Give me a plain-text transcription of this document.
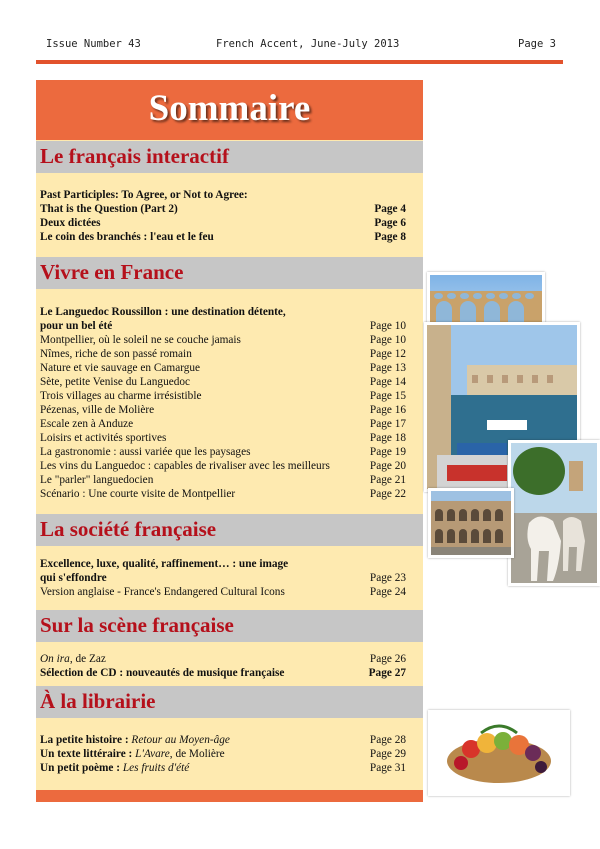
Issue Number 43	French Accent, June-July 2013	Page 3
Sommaire
Le français interactif
Past Participles: To Agree, or Not to Agree:
That is the Question (Part 2)	Page 4
Deux dictées	Page 6
Le coin des branchés : l'eau et le feu	Page 8
Vivre en France
Le Languedoc Roussillon : une destination détente,
pour un bel été	Page 10
Montpellier, où le soleil ne se couche jamais	Page 10
Nîmes, riche de son passé romain	Page 12
Nature et vie sauvage en Camargue	Page 13
Sète, petite Venise du Languedoc	Page 14
Trois villages au charme irrésistible	Page 15
Pézenas, ville de Molière	Page 16
Escale zen à Anduze	Page 17
Loisirs et activités sportives	Page 18
La gastronomie : aussi variée que les paysages	Page 19
Les vins du Languedoc : capables de rivaliser avec les meilleurs	Page 20
Le "parler" languedocien	Page 21
Scénario : Une courte visite de Montpellier	Page 22
La société française
Excellence, luxe, qualité, raffinement… : une image
qui s'effondre	Page 23
Version anglaise - France's Endangered Cultural Icons	Page 24
Sur la scène française
On ira, de Zaz	Page 26
Sélection de CD : nouveautés de musique française	Page 27
À la librairie
La petite histoire : Retour au Moyen-âge	Page 28
Un texte littéraire : L'Avare, de Molière	Page 29
Un petit poème : Les fruits d'été	Page 31
